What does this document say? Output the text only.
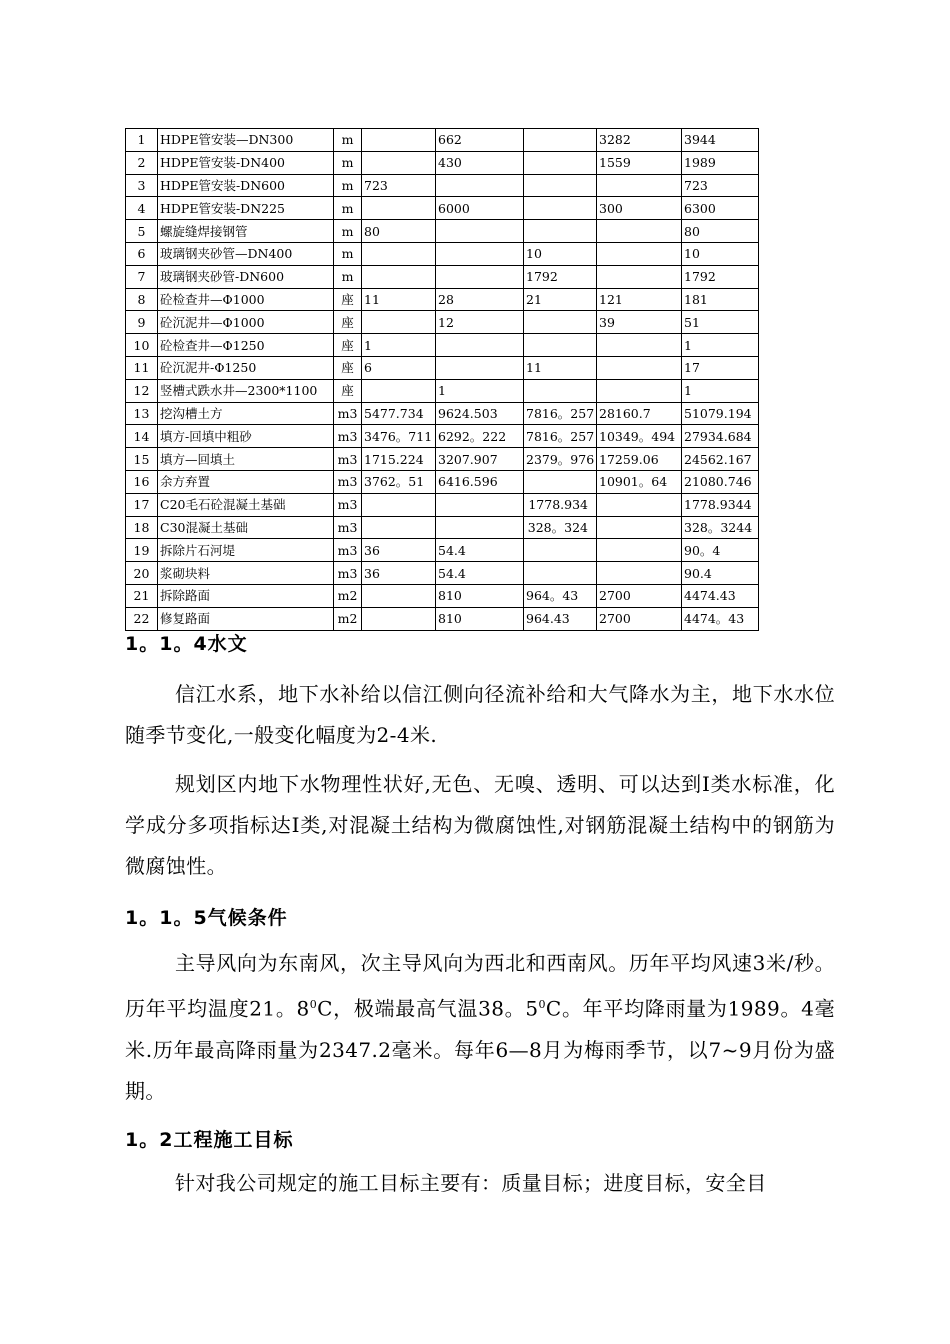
1	HDPE管安装—DN300	m		662		3282	3944
2	HDPE管安装-DN400	m		430		1559	1989
3	HDPE管安装-DN600	m	723				723
4	HDPE管安装-DN225	m		6000		300	6300
5	螺旋缝焊接钢管	m	80				80
6	玻璃钢夹砂管—DN400	m			10		10
7	玻璃钢夹砂管-DN600	m			1792		1792
8	砼检查井—Φ1000	座	11	28	21	121	181
9	砼沉泥井—Φ1000	座		12		39	51
10	砼检查井—Φ1250	座	1				1
11	砼沉泥井-Φ1250	座	6		11		17
12	竖槽式跌水井—2300*1100	座		1			1
13	挖沟槽土方	m3	5477.734	9624.503	7816。257	28160.7	51079.194
14	填方-回填中粗砂	m3	3476。711	6292。222	7816。257	10349。494	27934.684
15	填方—回填土	m3	1715.224	3207.907	2379。976	17259.06	24562.167
16	余方弃置	m3	3762。51	6416.596		10901。64	21080.746
17	C20毛石砼混凝土基础	m3			1778.934		1778.9344
18	C30混凝土基础	m3			328。324		328。3244
19	拆除片石河堤	m3	36	54.4			90。4
20	浆砌块料	m3	36	54.4			90.4
21	拆除路面	m2		810	964。43	2700	4474.43
22	修复路面	m2		810	964.43	2700	4474。43
1。1。4水文

信江水系，地下水补给以信江侧向径流补给和大气降水为主，地下水水位随季节变化,一般变化幅度为2-4米.

规划区内地下水物理性状好,无色、无嗅、透明、可以达到Ⅰ类水标准，化学成分多项指标达Ⅰ类,对混凝土结构为微腐蚀性,对钢筋混凝土结构中的钢筋为微腐蚀性。

1。1。5气候条件

主导风向为东南风，次主导风向为西北和西南风。历年平均风速3米/秒。历年平均温度21。$8^0C$，极端最高气温38。$5^0C$。年平均降雨量为1989。4毫米.历年最高降雨量为2347.2毫米。每年6—8月为梅雨季节，以7~9月份为盛期。

1。2工程施工目标

针对我公司规定的施工目标主要有：质量目标；进度目标，安全目
